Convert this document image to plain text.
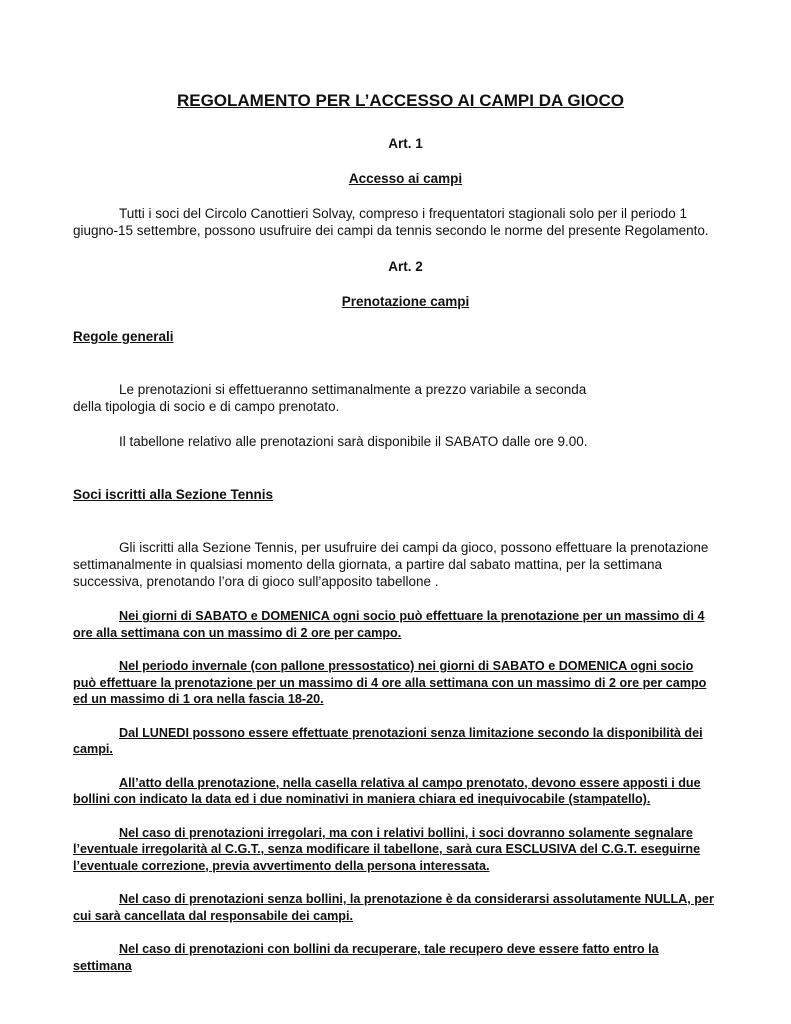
REGOLAMENTO PER L’ACCESSO AI CAMPI DA GIOCO

Art. 1

Accesso ai campi

Tutti i soci del Circolo Canottieri Solvay, compreso i frequentatori stagionali solo per il periodo 1 giugno-15 settembre, possono usufruire dei campi da tennis secondo le norme del presente Regolamento.

Art. 2

Prenotazione campi

Regole generali

Le prenotazioni si effettueranno settimanalmente a prezzo variabile a seconda della tipologia di socio e di campo prenotato.

Il tabellone relativo alle prenotazioni sarà disponibile il SABATO dalle ore 9.00.

Soci iscritti alla Sezione Tennis

Gli iscritti alla Sezione Tennis, per usufruire dei campi da gioco, possono effettuare la prenotazione settimanalmente in qualsiasi momento della giornata, a partire dal sabato mattina, per la settimana successiva, prenotando l’ora di gioco sull’apposito tabellone .

Nei giorni di SABATO e DOMENICA ogni socio può effettuare la prenotazione per un massimo di 4 ore alla settimana con un massimo di 2 ore per campo.

Nel periodo invernale (con pallone pressostatico) nei giorni di SABATO e DOMENICA ogni socio può effettuare la prenotazione per un massimo di 4 ore alla settimana con un massimo di 2 ore per campo ed un massimo di 1 ora nella fascia 18-20.

Dal LUNEDI possono essere effettuate prenotazioni senza limitazione secondo la disponibilità dei campi.

All’atto della prenotazione, nella casella relativa al campo prenotato, devono essere apposti i due bollini con indicato la data ed i due nominativi in maniera chiara ed inequivocabile (stampatello).

Nel caso di prenotazioni irregolari, ma con i relativi bollini, i soci dovranno solamente segnalare l’eventuale irregolarità al C.G.T., senza modificare il tabellone, sarà cura ESCLUSIVA del C.G.T. eseguirne l’eventuale correzione, previa avvertimento della persona interessata.

Nel caso di prenotazioni senza bollini, la prenotazione è da considerarsi assolutamente NULLA, per cui sarà cancellata dal responsabile dei campi.

Nel caso di prenotazioni con bollini da recuperare, tale recupero deve essere fatto entro la settimana
